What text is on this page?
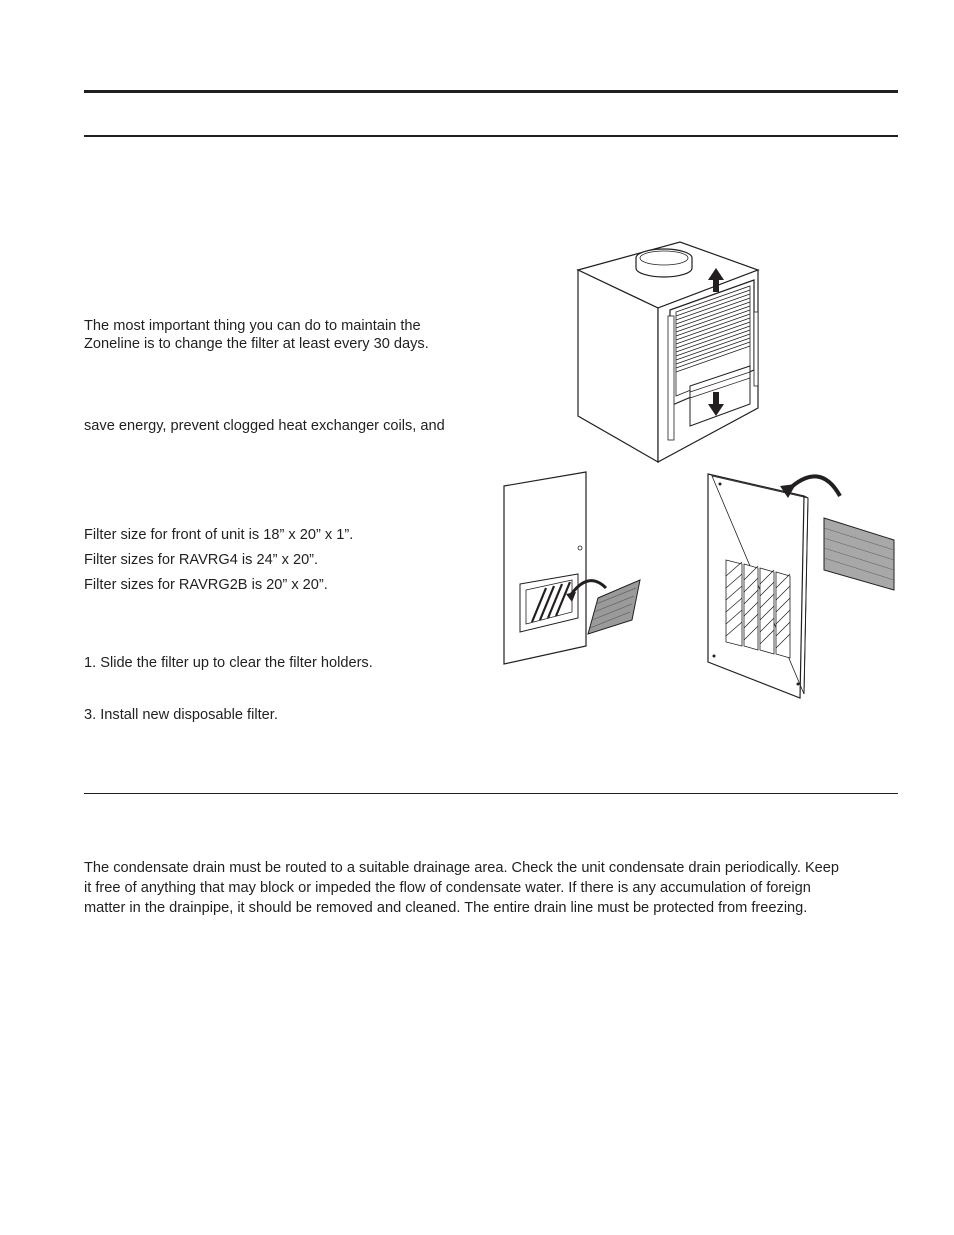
The most important thing you can do to maintain the
Zoneline is to change the filter at least every 30 days.

save energy, prevent clogged heat exchanger coils, and

Filter size for front of unit is 18” x 20” x 1”.

Filter sizes for RAVRG4 is 24” x 20”.

Filter sizes for RAVRG2B is 20” x 20”.

1. Slide the filter up to clear the filter holders.

3. Install new disposable filter.

The condensate drain must be routed to a suitable drainage area. Check the unit condensate drain periodically. Keep
it free of anything that may block or impeded the flow of condensate water. If there is any accumulation of foreign
matter in the drainpipe, it should be removed and cleaned. The entire drain line must be protected from freezing.
